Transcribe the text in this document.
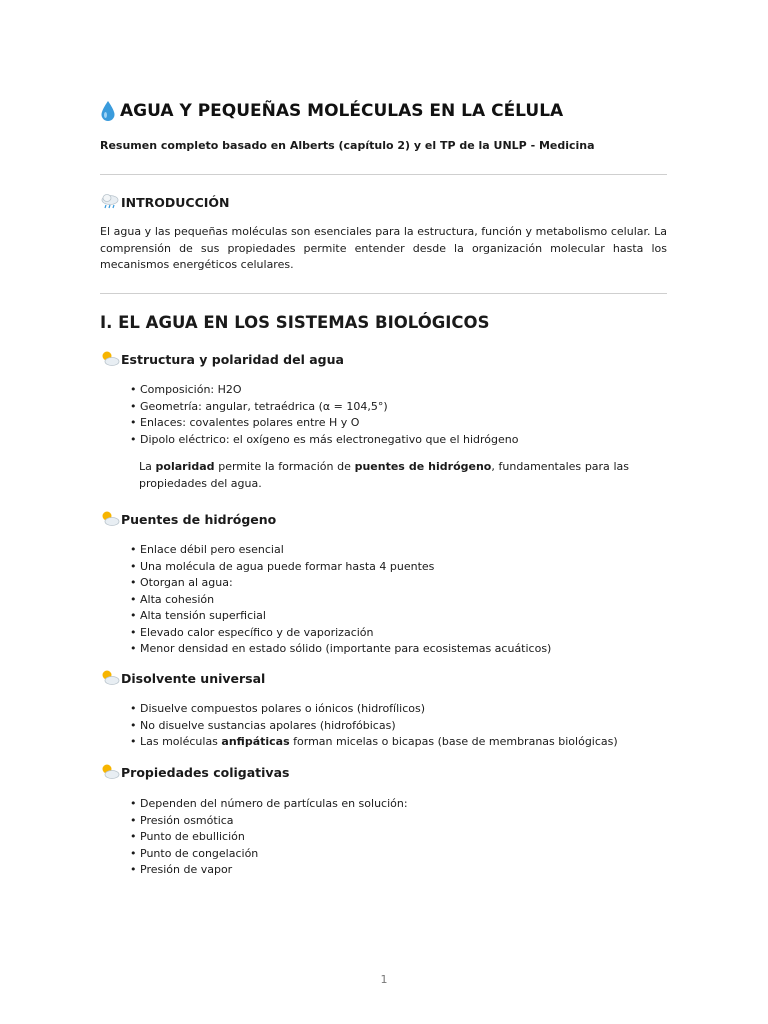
AGUA Y PEQUEÑAS MOLÉCULAS EN LA CÉLULA
Resumen completo basado en Alberts (capítulo 2) y el TP de la UNLP - Medicina
INTRODUCCIÓN
El agua y las pequeñas moléculas son esenciales para la estructura, función y metabolismo celular. La comprensión de sus propiedades permite entender desde la organización molecular hasta los mecanismos energéticos celulares.
I. EL AGUA EN LOS SISTEMAS BIOLÓGICOS
Estructura y polaridad del agua
• Composición: H2O
• Geometría: angular, tetraédrica (α = 104,5°)
• Enlaces: covalentes polares entre H y O
• Dipolo eléctrico: el oxígeno es más electronegativo que el hidrógeno
La polaridad permite la formación de puentes de hidrógeno, fundamentales para las propiedades del agua.
Puentes de hidrógeno
• Enlace débil pero esencial
• Una molécula de agua puede formar hasta 4 puentes
• Otorgan al agua:
• Alta cohesión
• Alta tensión superficial
• Elevado calor específico y de vaporización
• Menor densidad en estado sólido (importante para ecosistemas acuáticos)
Disolvente universal
• Disuelve compuestos polares o iónicos (hidrofílicos)
• No disuelve sustancias apolares (hidrofóbicas)
• Las moléculas anfipáticas forman micelas o bicapas (base de membranas biológicas)
Propiedades coligativas
• Dependen del número de partículas en solución:
• Presión osmótica
• Punto de ebullición
• Punto de congelación
• Presión de vapor
1
